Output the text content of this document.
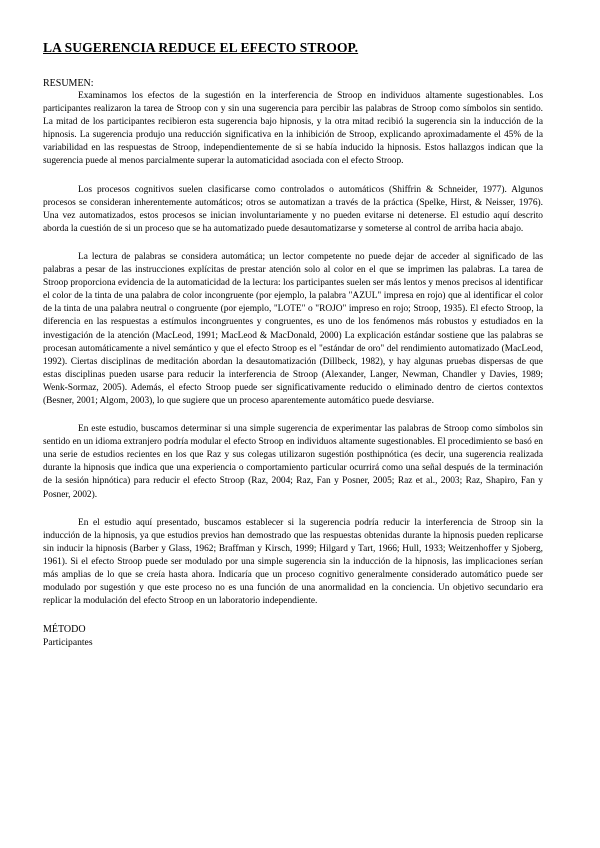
LA SUGERENCIA REDUCE EL EFECTO STROOP.

RESUMEN:

Examinamos los efectos de la sugestión en la interferencia de Stroop en individuos altamente sugestionables. Los participantes realizaron la tarea de Stroop con y sin una sugerencia para percibir las palabras de Stroop como símbolos sin sentido. La mitad de los participantes recibieron esta sugerencia bajo hipnosis, y la otra mitad recibió la sugerencia sin la inducción de la hipnosis. La sugerencia produjo una reducción significativa en la inhibición de Stroop, explicando aproximadamente el 45% de la variabilidad en las respuestas de Stroop, independientemente de si se había inducido la hipnosis. Estos hallazgos indican que la sugerencia puede al menos parcialmente superar la automaticidad asociada con el efecto Stroop.

Los procesos cognitivos suelen clasificarse como controlados o automáticos (Shiffrin & Schneider, 1977). Algunos procesos se consideran inherentemente automáticos; otros se automatizan a través de la práctica (Spelke, Hirst, & Neisser, 1976). Una vez automatizados, estos procesos se inician involuntariamente y no pueden evitarse ni detenerse. El estudio aquí descrito aborda la cuestión de si un proceso que se ha automatizado puede desautomatizarse y someterse al control de arriba hacia abajo.

La lectura de palabras se considera automática; un lector competente no puede dejar de acceder al significado de las palabras a pesar de las instrucciones explícitas de prestar atención solo al color en el que se imprimen las palabras. La tarea de Stroop proporciona evidencia de la automaticidad de la lectura: los participantes suelen ser más lentos y menos precisos al identificar el color de la tinta de una palabra de color incongruente (por ejemplo, la palabra "AZUL" impresa en rojo) que al identificar el color de la tinta de una palabra neutral o congruente (por ejemplo, "LOTE" o "ROJO" impreso en rojo; Stroop, 1935). El efecto Stroop, la diferencia en las respuestas a estímulos incongruentes y congruentes, es uno de los fenómenos más robustos y estudiados en la investigación de la atención (MacLeod, 1991; MacLeod & MacDonald, 2000) La explicación estándar sostiene que las palabras se procesan automáticamente a nivel semántico y que el efecto Stroop es el "estándar de oro" del rendimiento automatizado (MacLeod, 1992). Ciertas disciplinas de meditación abordan la desautomatización (Dillbeck, 1982), y hay algunas pruebas dispersas de que estas disciplinas pueden usarse para reducir la interferencia de Stroop (Alexander, Langer, Newman, Chandler y Davies, 1989; Wenk-Sormaz, 2005). Además, el efecto Stroop puede ser significativamente reducido o eliminado dentro de ciertos contextos (Besner, 2001; Algom, 2003), lo que sugiere que un proceso aparentemente automático puede desviarse.

En este estudio, buscamos determinar si una simple sugerencia de experimentar las palabras de Stroop como símbolos sin sentido en un idioma extranjero podría modular el efecto Stroop en individuos altamente sugestionables. El procedimiento se basó en una serie de estudios recientes en los que Raz y sus colegas utilizaron sugestión posthipnótica (es decir, una sugerencia realizada durante la hipnosis que indica que una experiencia o comportamiento particular ocurrirá como una señal después de la terminación de la sesión hipnótica) para reducir el efecto Stroop (Raz, 2004; Raz, Fan y Posner, 2005; Raz et al., 2003; Raz, Shapiro, Fan y Posner, 2002).

En el estudio aquí presentado, buscamos establecer si la sugerencia podría reducir la interferencia de Stroop sin la inducción de la hipnosis, ya que estudios previos han demostrado que las respuestas obtenidas durante la hipnosis pueden replicarse sin inducir la hipnosis (Barber y Glass, 1962; Braffman y Kirsch, 1999; Hilgard y Tart, 1966; Hull, 1933; Weitzenhoffer y Sjoberg, 1961). Si el efecto Stroop puede ser modulado por una simple sugerencia sin la inducción de la hipnosis, las implicaciones serían más amplias de lo que se creía hasta ahora. Indicaría que un proceso cognitivo generalmente considerado automático puede ser modulado por sugestión y que este proceso no es una función de una anormalidad en la conciencia. Un objetivo secundario era replicar la modulación del efecto Stroop en un laboratorio independiente.

MÉTODO

Participantes
